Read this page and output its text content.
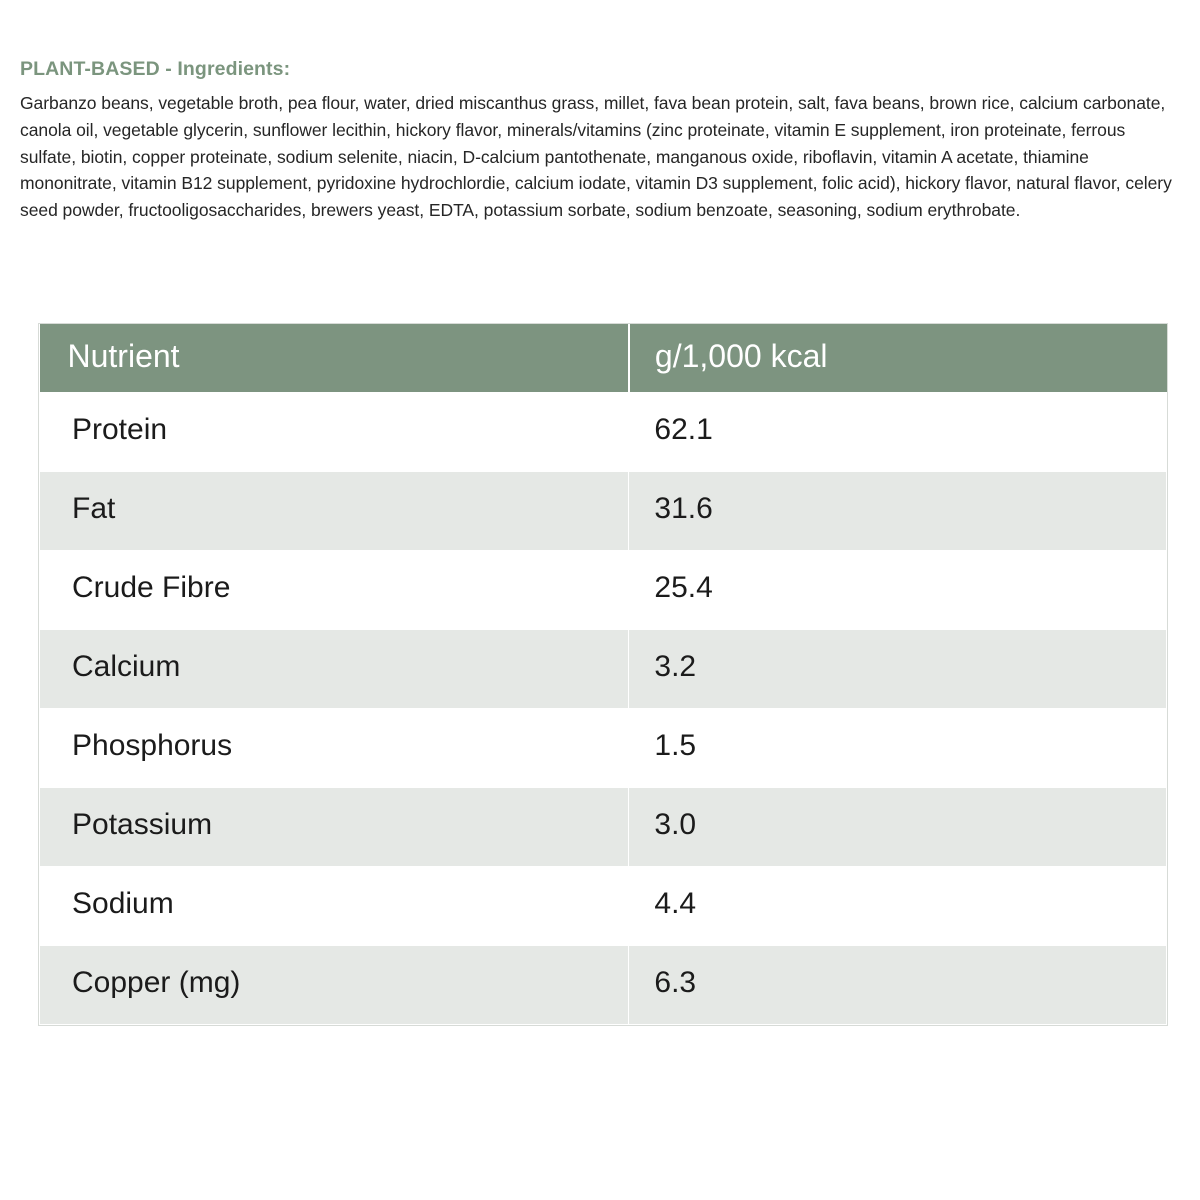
PLANT-BASED - Ingredients:

Garbanzo beans, vegetable broth, pea flour, water, dried miscanthus grass, millet, fava bean protein, salt, fava beans, brown rice, calcium carbonate, canola oil, vegetable glycerin, sunflower lecithin, hickory flavor, minerals/vitamins (zinc proteinate, vitamin E supplement, iron proteinate, ferrous sulfate, biotin, copper proteinate, sodium selenite, niacin, D-calcium pantothenate, manganous oxide, riboflavin, vitamin A acetate, thiamine mononitrate, vitamin B12 supplement, pyridoxine hydrochlordie, calcium iodate, vitamin D3 supplement, folic acid), hickory flavor, natural flavor, celery seed powder, fructooligosaccharides, brewers yeast, EDTA, potassium sorbate, sodium benzoate, seasoning, sodium erythrobate.

Nutrient	g/1,000 kcal
Protein	62.1
Fat	31.6
Crude Fibre	25.4
Calcium	3.2
Phosphorus	1.5
Potassium	3.0
Sodium	4.4
Copper (mg)	6.3
